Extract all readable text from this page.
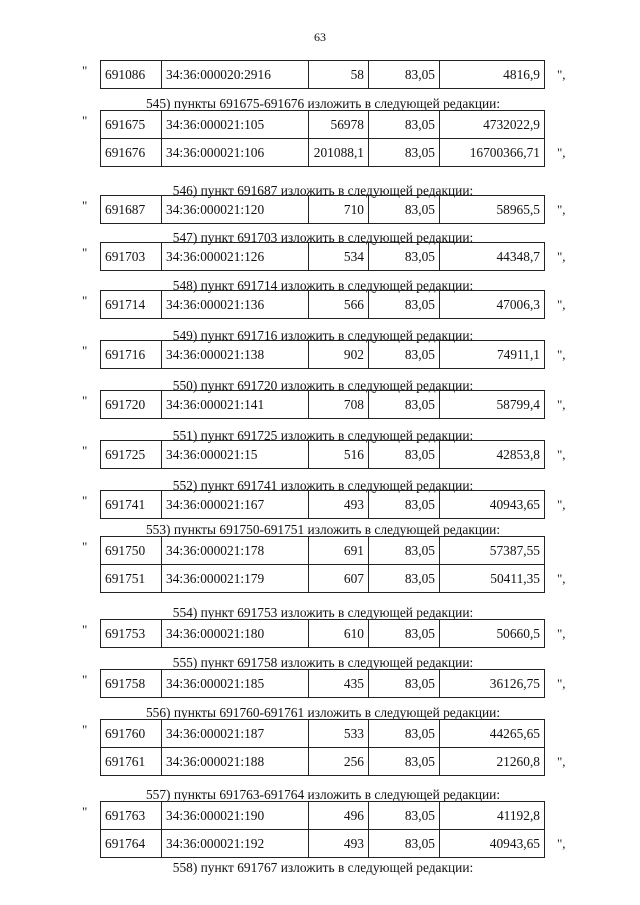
63
691086	34:36:000020:2916	58	83,05	4816,9
"	",
545) пункты 691675-691676 изложить в следующей редакции:
691675	34:36:000021:105	56978	83,05	4732022,9
691676	34:36:000021:106	201088,1	83,05	16700366,71
"
",
546) пункт 691687 изложить в следующей редакции:
691687	34:36:000021:120	710	83,05	58965,5
"	",
547) пункт 691703 изложить в следующей редакции:
691703	34:36:000021:126	534	83,05	44348,7
"	",
548) пункт 691714 изложить в следующей редакции:
691714	34:36:000021:136	566	83,05	47006,3
"	",
549) пункт 691716 изложить в следующей редакции:
691716	34:36:000021:138	902	83,05	74911,1
"	",
550) пункт 691720 изложить в следующей редакции:
691720	34:36:000021:141	708	83,05	58799,4
"	",
551) пункт 691725 изложить в следующей редакции:
691725	34:36:000021:15	516	83,05	42853,8
"	",
552) пункт 691741 изложить в следующей редакции:
691741	34:36:000021:167	493	83,05	40943,65
"	",
553) пункты 691750-691751 изложить в следующей редакции:
691750	34:36:000021:178	691	83,05	57387,55
691751	34:36:000021:179	607	83,05	50411,35
"
",
554) пункт 691753 изложить в следующей редакции:
691753	34:36:000021:180	610	83,05	50660,5
"	",
555) пункт 691758 изложить в следующей редакции:
691758	34:36:000021:185	435	83,05	36126,75
"	",
556) пункты 691760-691761 изложить в следующей редакции:
691760	34:36:000021:187	533	83,05	44265,65
691761	34:36:000021:188	256	83,05	21260,8
"
",
557) пункты 691763-691764 изложить в следующей редакции:
691763	34:36:000021:190	496	83,05	41192,8
691764	34:36:000021:192	493	83,05	40943,65
"
",
558) пункт 691767 изложить в следующей редакции:
